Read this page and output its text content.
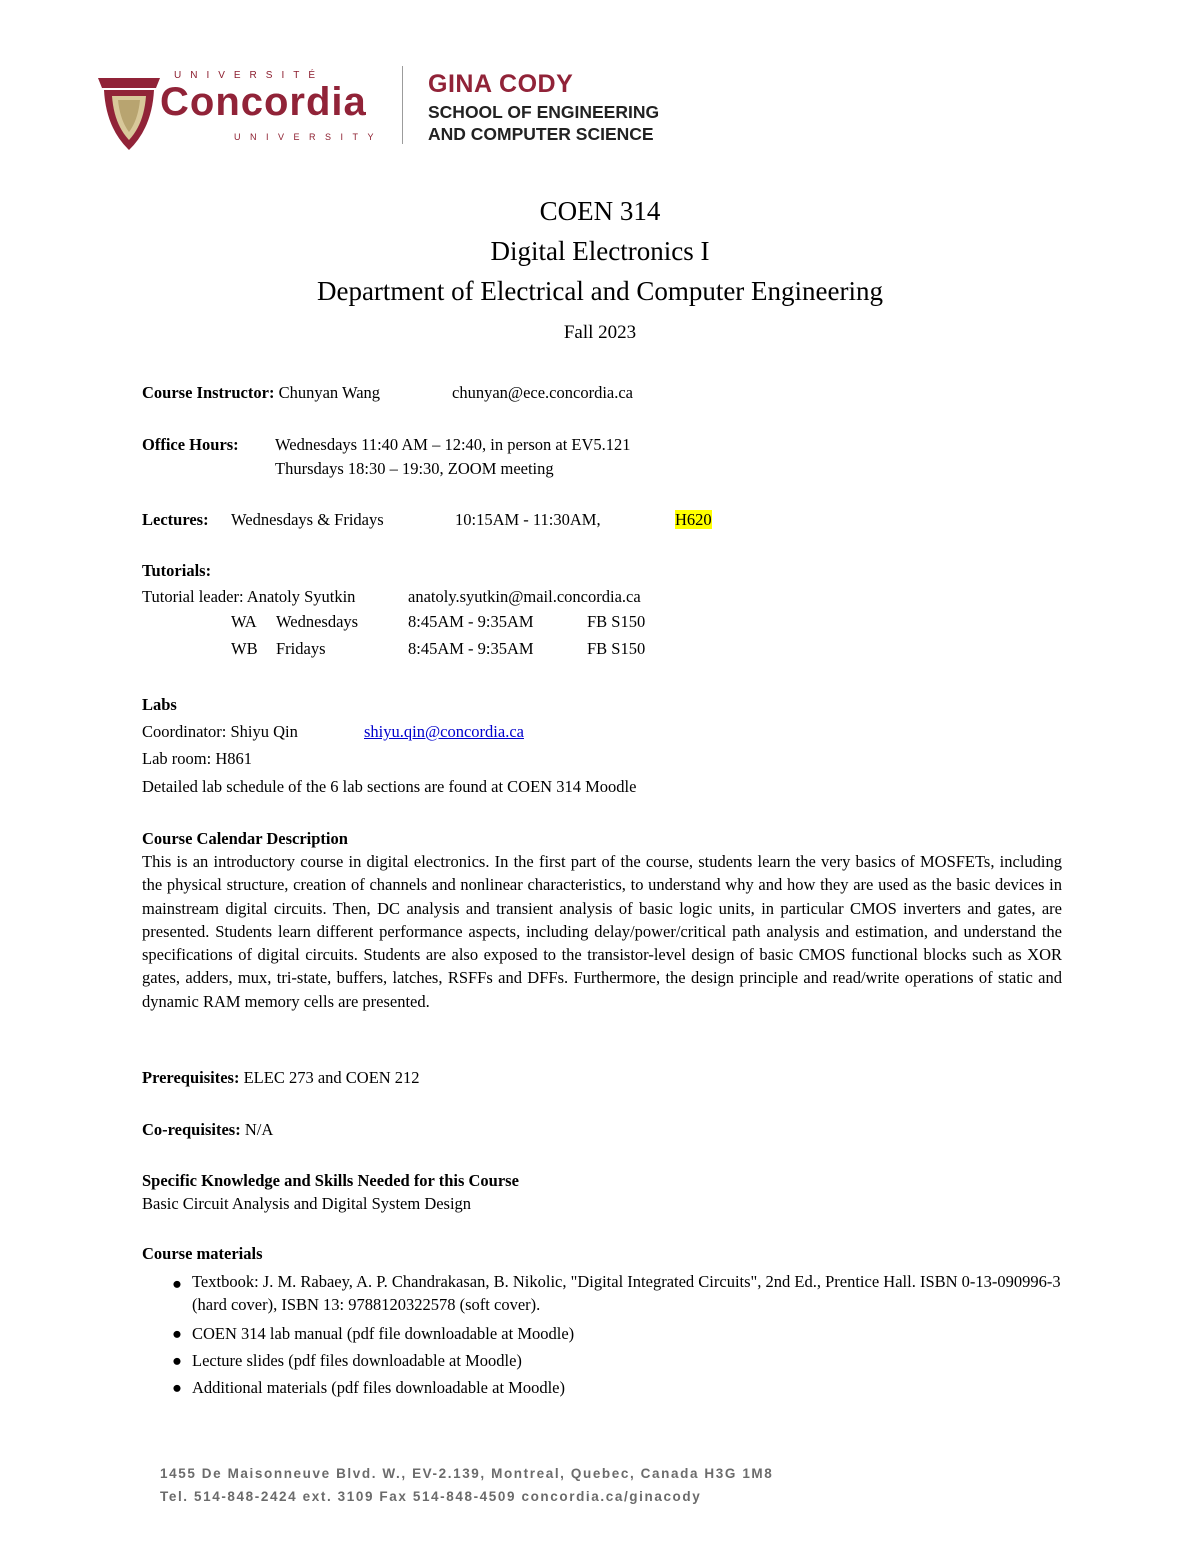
UNIVERSITÉ
Concordia
UNIVERSITY
GINA CODY
SCHOOL OF ENGINEERING
AND COMPUTER SCIENCE
COEN 314
Digital Electronics I
Department of Electrical and Computer Engineering
Fall 2023
Course Instructor: Chunyan Wang	chunyan@ece.concordia.ca
Office Hours: Wednesdays 11:40 AM – 12:40, in person at EV5.121
Thursdays 18:30 – 19:30, ZOOM meeting
Lectures: Wednesdays & Fridays	10:15AM - 11:30AM,	H620
Tutorials:
Tutorial leader: Anatoly Syutkin	anatoly.syutkin@mail.concordia.ca
WA Wednesdays	8:45AM - 9:35AM	FB S150
WB Fridays	8:45AM - 9:35AM	FB S150
Labs
Coordinator: Shiyu Qin	shiyu.qin@concordia.ca
Lab room: H861
Detailed lab schedule of the 6 lab sections are found at COEN 314 Moodle
Course Calendar Description
This is an introductory course in digital electronics. In the first part of the course, students learn the very basics of MOSFETs, including the physical structure, creation of channels and nonlinear characteristics, to understand why and how they are used as the basic devices in mainstream digital circuits. Then, DC analysis and transient analysis of basic logic units, in particular CMOS inverters and gates, are presented. Students learn different performance aspects, including delay/power/critical path analysis and estimation, and understand the specifications of digital circuits. Students are also exposed to the transistor-level design of basic CMOS functional blocks such as XOR gates, adders, mux, tri-state, buffers, latches, RSFFs and DFFs. Furthermore, the design principle and read/write operations of static and dynamic RAM memory cells are presented.
Prerequisites: ELEC 273 and COEN 212
Co-requisites: N/A
Specific Knowledge and Skills Needed for this Course
Basic Circuit Analysis and Digital System Design
Course materials
● Textbook: J. M. Rabaey, A. P. Chandrakasan, B. Nikolic, "Digital Integrated Circuits", 2nd Ed., Prentice Hall. ISBN 0-13-090996-3 (hard cover), ISBN 13: 9788120322578 (soft cover).
● COEN 314 lab manual (pdf file downloadable at Moodle)
● Lecture slides (pdf files downloadable at Moodle)
● Additional materials (pdf files downloadable at Moodle)
1455 De Maisonneuve Blvd. W., EV-2.139, Montreal, Quebec, Canada H3G 1M8
Tel. 514-848-2424 ext. 3109 Fax 514-848-4509 concordia.ca/ginacody
